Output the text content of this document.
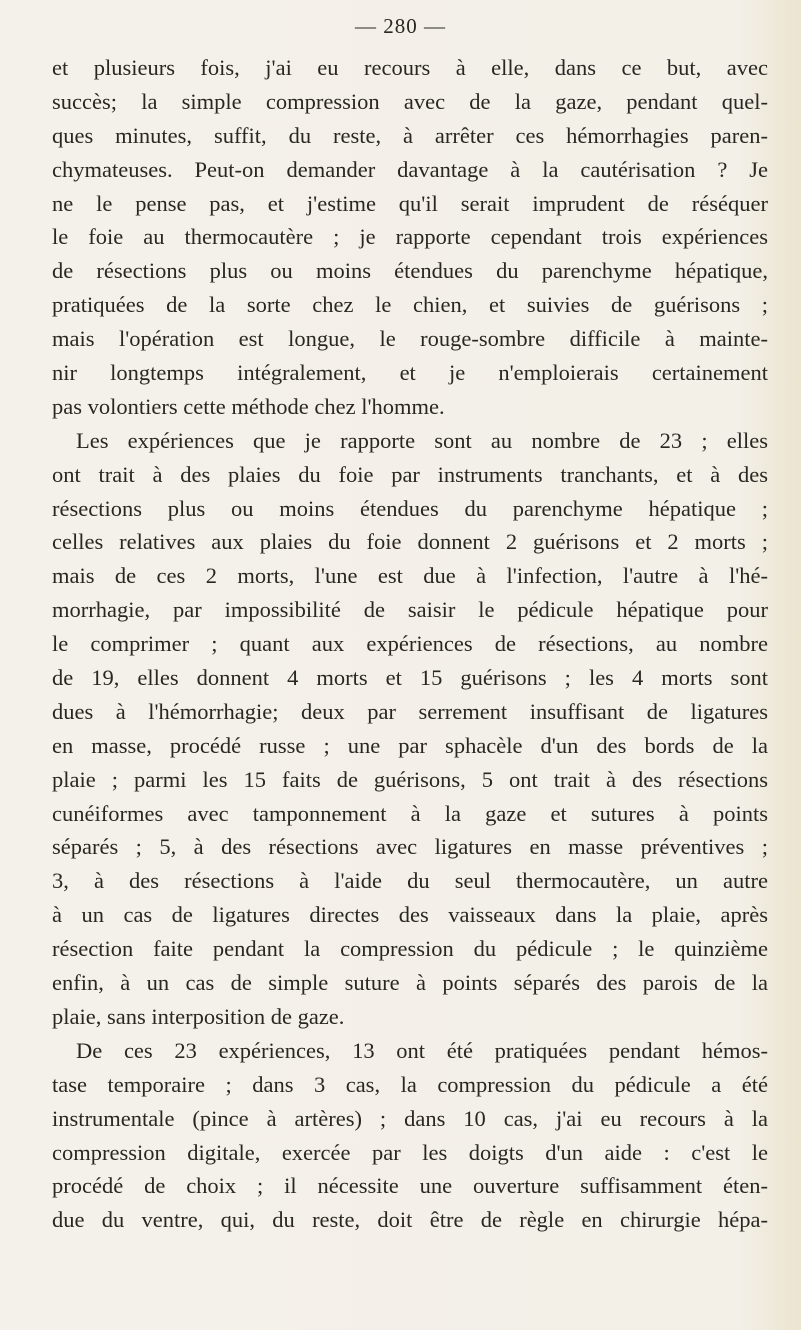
— 280 —
et plusieurs fois, j'ai eu recours à elle, dans ce but, avec
succès; la simple compression avec de la gaze, pendant quel-
ques minutes, suffit, du reste, à arrêter ces hémorrhagies paren-
chymateuses. Peut-on demander davantage à la cautérisation ? Je
ne le pense pas, et j'estime qu'il serait imprudent de réséquer
le foie au thermocautère ; je rapporte cependant trois expériences
de résections plus ou moins étendues du parenchyme hépatique,
pratiquées de la sorte chez le chien, et suivies de guérisons ;
mais l'opération est longue, le rouge-sombre difficile à mainte-
nir longtemps intégralement, et je n'emploierais certainement
pas volontiers cette méthode chez l'homme.
Les expériences que je rapporte sont au nombre de 23 ; elles
ont trait à des plaies du foie par instruments tranchants, et à des
résections plus ou moins étendues du parenchyme hépatique ;
celles relatives aux plaies du foie donnent 2 guérisons et 2 morts ;
mais de ces 2 morts, l'une est due à l'infection, l'autre à l'hé-
morrhagie, par impossibilité de saisir le pédicule hépatique pour
le comprimer ; quant aux expériences de résections, au nombre
de 19, elles donnent 4 morts et 15 guérisons ; les 4 morts sont
dues à l'hémorrhagie; deux par serrement insuffisant de ligatures
en masse, procédé russe ; une par sphacèle d'un des bords de la
plaie ; parmi les 15 faits de guérisons, 5 ont trait à des résections
cunéiformes avec tamponnement à la gaze et sutures à points
séparés ; 5, à des résections avec ligatures en masse préventives ;
3, à des résections à l'aide du seul thermocautère, un autre
à un cas de ligatures directes des vaisseaux dans la plaie, après
résection faite pendant la compression du pédicule ; le quinzième
enfin, à un cas de simple suture à points séparés des parois de la
plaie, sans interposition de gaze.
De ces 23 expériences, 13 ont été pratiquées pendant hémos-
tase temporaire ; dans 3 cas, la compression du pédicule a été
instrumentale (pince à artères) ; dans 10 cas, j'ai eu recours à la
compression digitale, exercée par les doigts d'un aide : c'est le
procédé de choix ; il nécessite une ouverture suffisamment éten-
due du ventre, qui, du reste, doit être de règle en chirurgie hépa-
